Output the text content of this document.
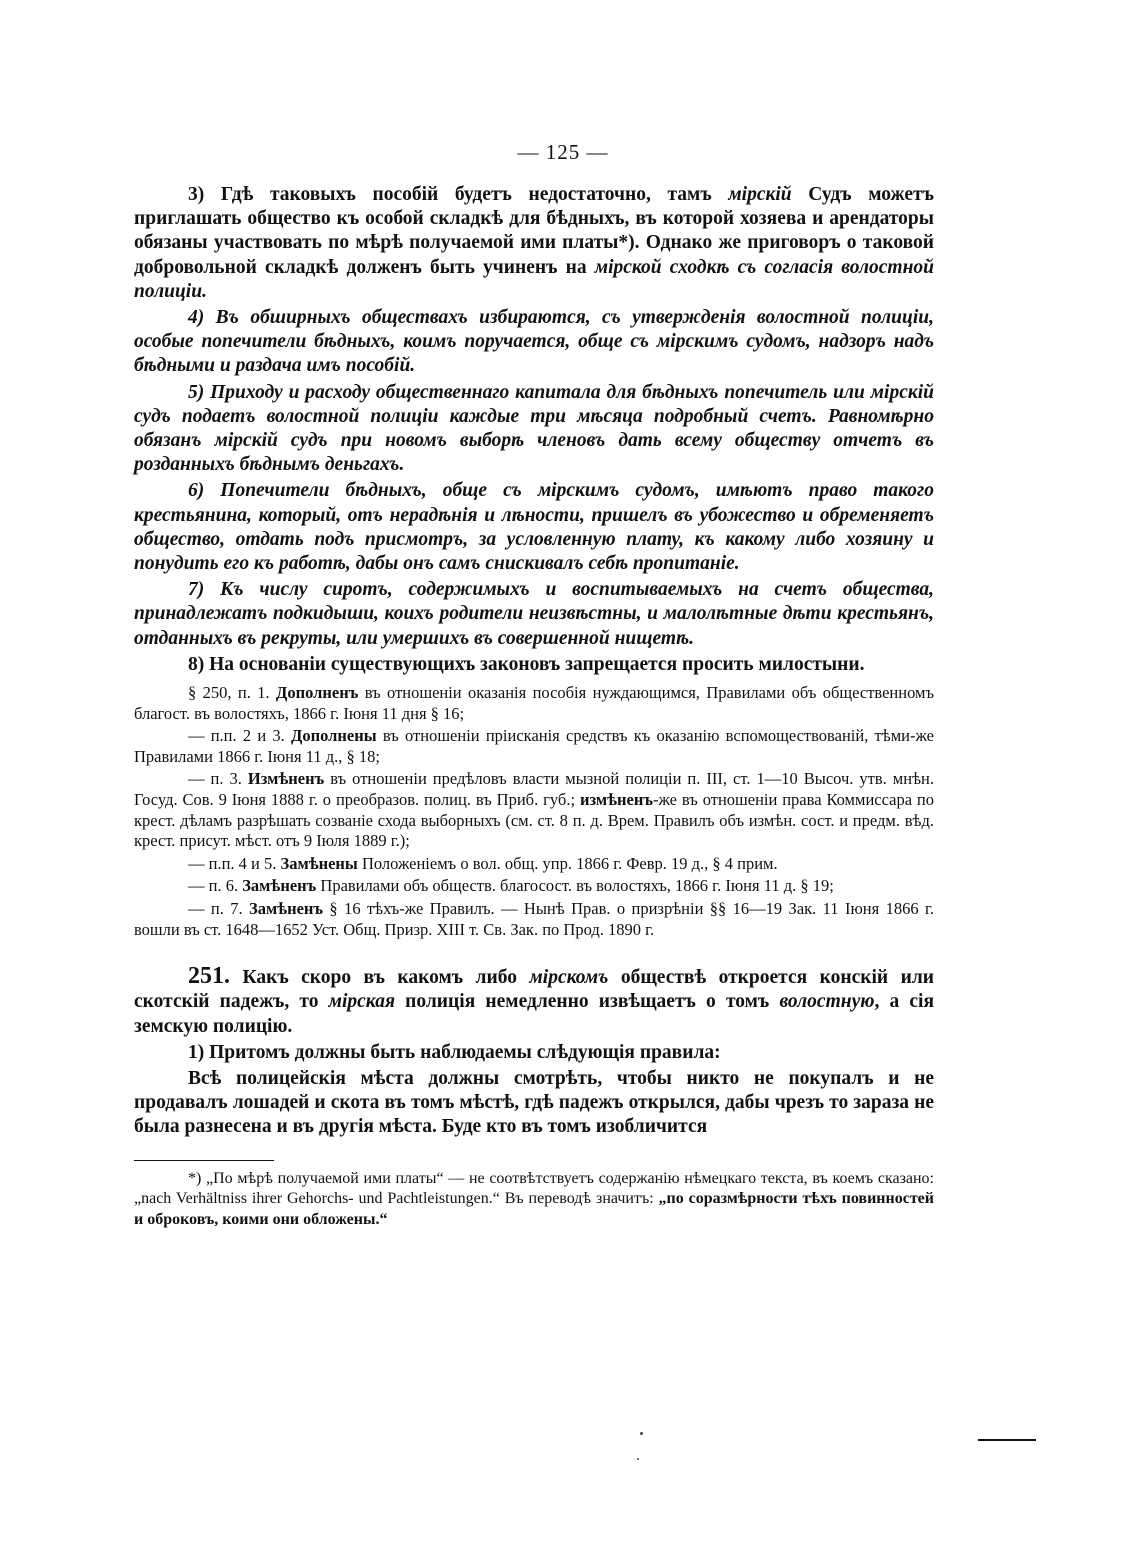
— 125 —

3) Гдѣ таковыхъ пособій будетъ недостаточно, тамъ мірскій Судъ можетъ приглашать общество къ особой складкѣ для бѣдныхъ, въ которой хозяева и арендаторы обязаны участвовать по мѣрѣ получаемой ими платы*). Однако же приговоръ о таковой добровольной складкѣ долженъ быть учиненъ на мірской сходкѣ съ согласія волостной полиціи.

4) Въ обширныхъ обществахъ избираются, съ утвержденія волостной полиціи, особые попечители бѣдныхъ, коимъ поручается, обще съ мірскимъ судомъ, надзоръ надъ бѣдными и раздача имъ пособій.

5) Приходу и расходу общественнаго капитала для бѣдныхъ попечитель или мірскій судъ подаетъ волостной полиціи каждые три мѣсяца подробный счетъ. Равномѣрно обязанъ мірскій судъ при новомъ выборѣ членовъ дать всему обществу отчетъ въ розданныхъ бѣднымъ деньгахъ.

6) Попечители бѣдныхъ, обще съ мірскимъ судомъ, имѣютъ право такого крестьянина, который, отъ нерадѣнія и лѣности, пришелъ въ убожество и обременяетъ общество, отдать подъ присмотръ, за условленную плату, къ какому либо хозяину и понудить его къ работѣ, дабы онъ самъ снискивалъ себѣ пропитаніе.

7) Къ числу сиротъ, содержимыхъ и воспитываемыхъ на счетъ общества, принадлежатъ подкидыши, коихъ родители неизвѣстны, и малолѣтные дѣти крестьянъ, отданныхъ въ рекруты, или умершихъ въ совершенной нищетѣ.

8) На основаніи существующихъ законовъ запрещается просить милостыни.

§ 250, п. 1. Дополненъ въ отношеніи оказанія пособія нуждающимся, Правилами объ общественномъ благост. въ волостяхъ, 1866 г. Іюня 11 дня § 16;

— п.п. 2 и 3. Дополнены въ отношеніи пріисканія средствъ къ оказанію вспомоществованій, тѣми-же Правилами 1866 г. Іюня 11 д., § 18;

— п. 3. Измѣненъ въ отношеніи предѣловъ власти мызной полиціи п. III, ст. 1—10 Высоч. утв. мнѣн. Госуд. Сов. 9 Іюня 1888 г. о преобразов. полиц. въ Приб. губ.; измѣненъ-же въ отношеніи права Коммиссара по крест. дѣламъ разрѣшать созваніе схода выборныхъ (см. ст. 8 п. д. Врем. Правилъ объ измѣн. сост. и предм. вѣд. крест. присут. мѣст. отъ 9 Іюля 1889 г.);

— п.п. 4 и 5. Замѣнены Положеніемъ о вол. общ. упр. 1866 г. Февр. 19 д., § 4 прим.

— п. 6. Замѣненъ Правилами объ обществ. благосост. въ волостяхъ, 1866 г. Іюня 11 д. § 19;

— п. 7. Замѣненъ § 16 тѣхъ-же Правилъ. — Нынѣ Прав. о призрѣніи §§ 16—19 Зак. 11 Іюня 1866 г. вошли въ ст. 1648—1652 Уст. Общ. Призр. XIII т. Св. Зак. по Прод. 1890 г.

251. Какъ скоро въ какомъ либо мірскомъ обществѣ откроется конскій или скотскій падежъ, то мірская полиція немедленно извѣщаетъ о томъ волостную, а сія земскую полицію.

1) Притомъ должны быть наблюдаемы слѣдующія правила:

Всѣ полицейскія мѣста должны смотрѣть, чтобы никто не покупалъ и не продавалъ лошадей и скота въ томъ мѣстѣ, гдѣ падежъ открылся, дабы чрезъ то зараза не была разнесена и въ другія мѣста. Буде кто въ томъ изобличится

*) „По мѣрѣ получаемой ими платы“ — не соотвѣтствуетъ содержанію нѣмецкаго текста, въ коемъ сказано: „nach Verhältniss ihrer Gehorchs- und Pachtleistungen.“ Въ переводѣ значитъ: „по соразмѣрности тѣхъ повинностей и оброковъ, коими они обложены.“
